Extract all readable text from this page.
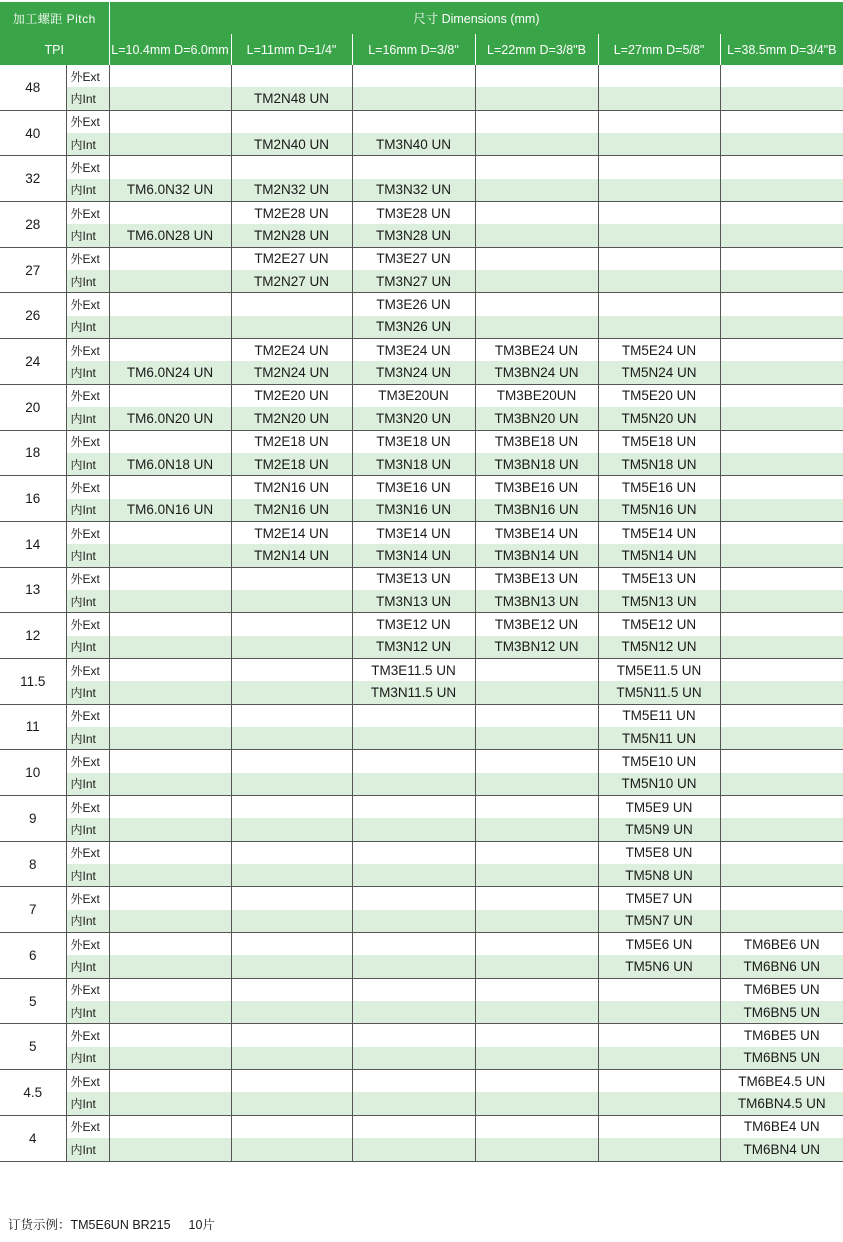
加工螺距 Pitch		尺寸 Dimensions (mm)					
TPI		L=10.4mm D=6.0mm	L=11mm D=1/4"	L=16mm D=3/8"	L=22mm D=3/8"B	L=27mm D=5/8"	L=38.5mm D=3/4"B
48	外Ext						
	内Int		TM2N48 UN				
40	外Ext						
	内Int		TM2N40 UN	TM3N40 UN			
32	外Ext						
	内Int	TM6.0N32 UN	TM2N32 UN	TM3N32 UN			
28	外Ext		TM2E28 UN	TM3E28 UN			
	内Int	TM6.0N28 UN	TM2N28 UN	TM3N28 UN			
27	外Ext		TM2E27 UN	TM3E27 UN			
	内Int		TM2N27 UN	TM3N27 UN			
26	外Ext			TM3E26 UN			
	内Int			TM3N26 UN			
24	外Ext		TM2E24 UN	TM3E24 UN	TM3BE24 UN	TM5E24 UN	
	内Int	TM6.0N24 UN	TM2N24 UN	TM3N24 UN	TM3BN24 UN	TM5N24 UN	
20	外Ext		TM2E20 UN	TM3E20UN	TM3BE20UN	TM5E20 UN	
	内Int	TM6.0N20 UN	TM2N20 UN	TM3N20 UN	TM3BN20 UN	TM5N20 UN	
18	外Ext		TM2E18 UN	TM3E18 UN	TM3BE18 UN	TM5E18 UN	
	内Int	TM6.0N18 UN	TM2E18 UN	TM3N18 UN	TM3BN18 UN	TM5N18 UN	
16	外Ext		TM2N16 UN	TM3E16 UN	TM3BE16 UN	TM5E16 UN	
	内Int	TM6.0N16 UN	TM2N16 UN	TM3N16 UN	TM3BN16 UN	TM5N16 UN	
14	外Ext		TM2E14 UN	TM3E14 UN	TM3BE14 UN	TM5E14 UN	
	内Int		TM2N14 UN	TM3N14 UN	TM3BN14 UN	TM5N14 UN	
13	外Ext			TM3E13 UN	TM3BE13 UN	TM5E13 UN	
	内Int			TM3N13 UN	TM3BN13 UN	TM5N13 UN	
12	外Ext			TM3E12 UN	TM3BE12 UN	TM5E12 UN	
	内Int			TM3N12 UN	TM3BN12 UN	TM5N12 UN	
11.5	外Ext			TM3E11.5 UN		TM5E11.5 UN	
	内Int			TM3N11.5 UN		TM5N11.5 UN	
11	外Ext					TM5E11 UN	
	内Int					TM5N11 UN	
10	外Ext					TM5E10 UN	
	内Int					TM5N10 UN	
9	外Ext					TM5E9 UN	
	内Int					TM5N9 UN	
8	外Ext					TM5E8 UN	
	内Int					TM5N8 UN	
7	外Ext					TM5E7 UN	
	内Int					TM5N7 UN	
6	外Ext					TM5E6 UN	TM6BE6 UN
	内Int					TM5N6 UN	TM6BN6 UN
5	外Ext						TM6BE5 UN
	内Int						TM6BN5 UN
5	外Ext						TM6BE5 UN
	内Int						TM6BN5 UN
4.5	外Ext						TM6BE4.5 UN
	内Int						TM6BN4.5 UN
4	外Ext						TM6BE4 UN
	内Int						TM6BN4 UN
订货示例：TM5E6UN BR215 10片
